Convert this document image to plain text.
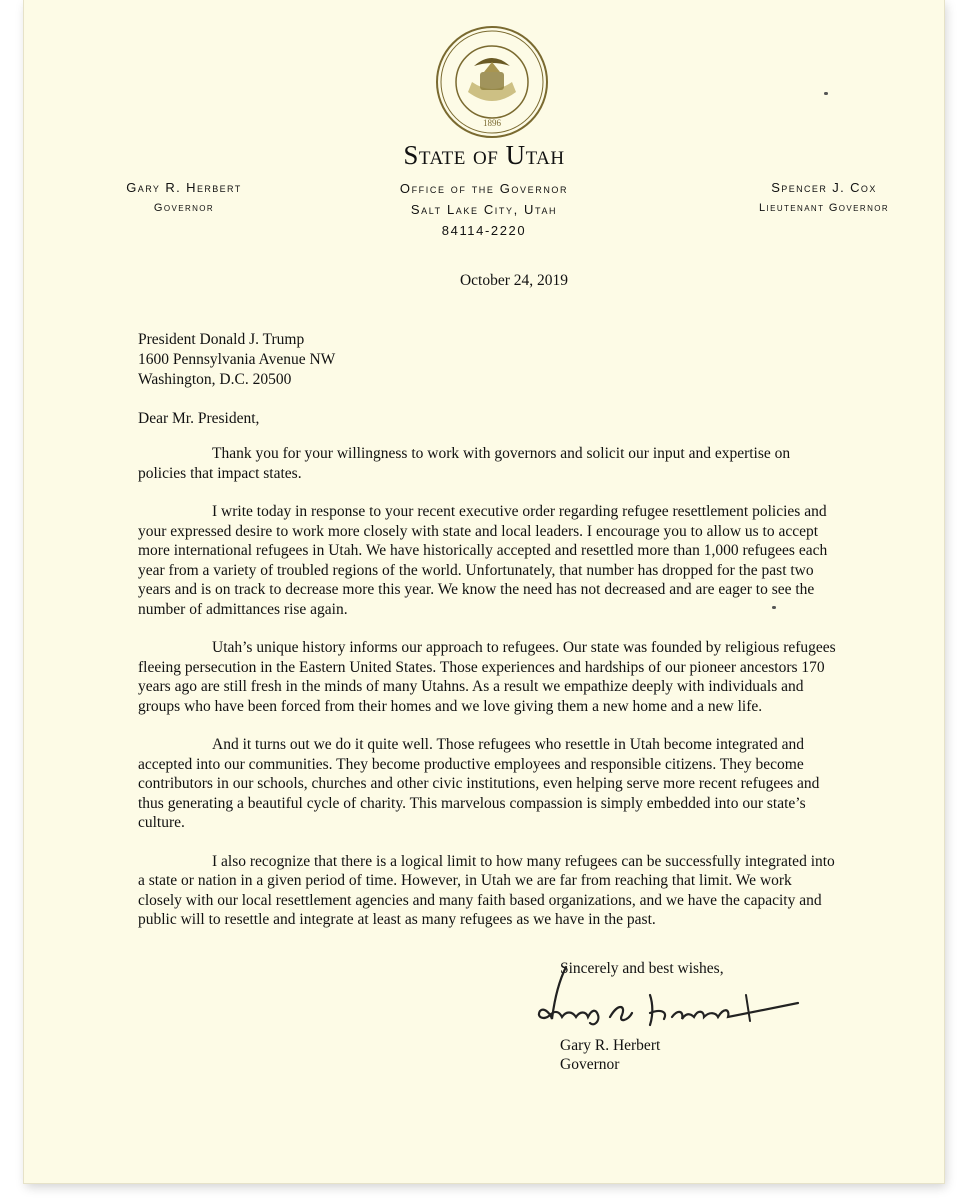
1896
State of Utah
Office of the Governor
Salt Lake City, Utah
84114-2220
Gary R. Herbert
Governor
Spencer J. Cox
Lieutenant Governor
October 24, 2019
President Donald J. Trump
1600 Pennsylvania Avenue NW
Washington, D.C. 20500
Dear Mr. President,

Thank you for your willingness to work with governors and solicit our input and expertise on policies that impact states.

I write today in response to your recent executive order regarding refugee resettlement policies and your expressed desire to work more closely with state and local leaders. I encourage you to allow us to accept more international refugees in Utah. We have historically accepted and resettled more than 1,000 refugees each year from a variety of troubled regions of the world. Unfortunately, that number has dropped for the past two years and is on track to decrease more this year. We know the need has not decreased and are eager to see the number of admittances rise again.

Utah’s unique history informs our approach to refugees. Our state was founded by religious refugees fleeing persecution in the Eastern United States. Those experiences and hardships of our pioneer ancestors 170 years ago are still fresh in the minds of many Utahns. As a result we empathize deeply with individuals and groups who have been forced from their homes and we love giving them a new home and a new life.

And it turns out we do it quite well. Those refugees who resettle in Utah become integrated and accepted into our communities. They become productive employees and responsible citizens. They become contributors in our schools, churches and other civic institutions, even helping serve more recent refugees and thus generating a beautiful cycle of charity. This marvelous compassion is simply embedded into our state’s culture.

I also recognize that there is a logical limit to how many refugees can be successfully integrated into a state or nation in a given period of time. However, in Utah we are far from reaching that limit. We work closely with our local resettlement agencies and many faith based organizations, and we have the capacity and public will to resettle and integrate at least as many refugees as we have in the past.

Sincerely and best wishes,
Gary R. Herbert
Governor
